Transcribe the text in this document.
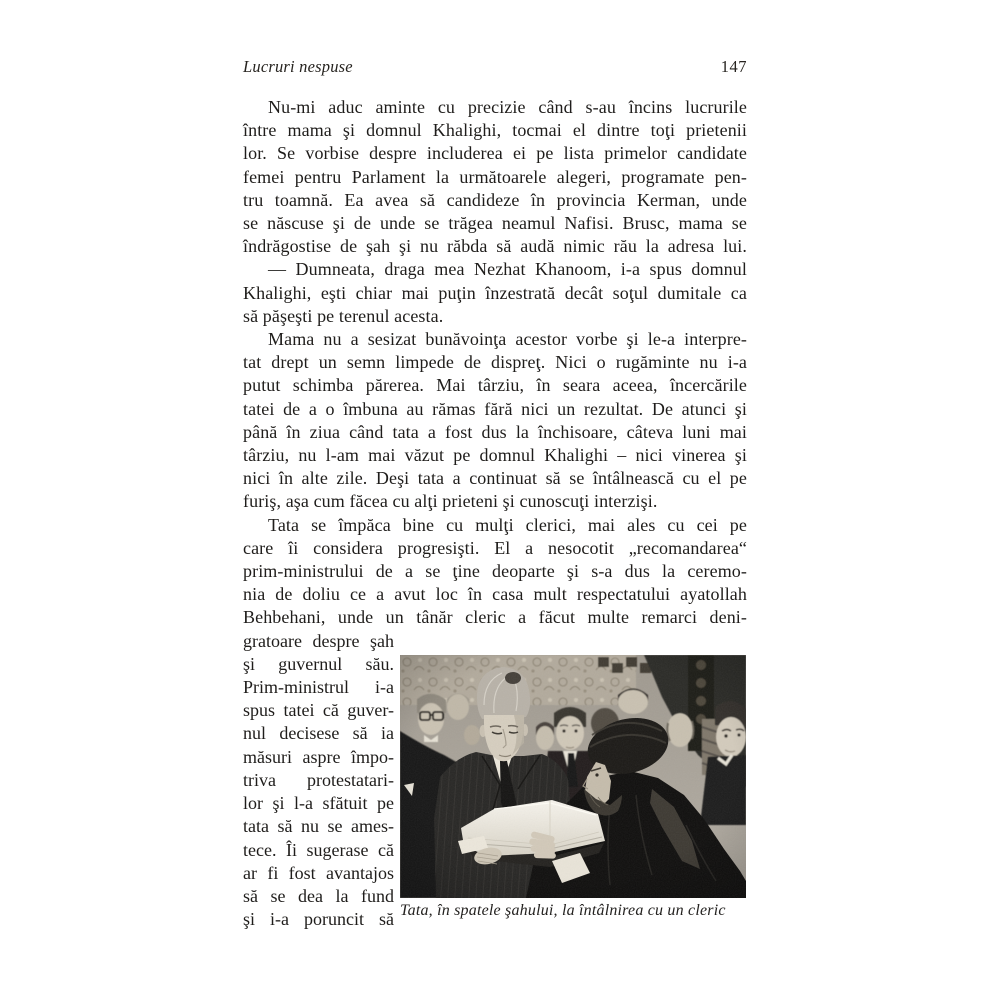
Lucruri nespuse	147
Nu-mi aduc aminte cu precizie când s-au încins lucrurile
între mama şi domnul Khalighi, tocmai el dintre toţi prietenii
lor. Se vorbise despre includerea ei pe lista primelor candidate
femei pentru Parlament la următoarele alegeri, programate pen-
tru toamnă. Ea avea să candideze în provincia Kerman, unde
se născuse şi de unde se trăgea neamul Nafisi. Brusc, mama se
îndrăgostise de şah şi nu răbda să audă nimic rău la adresa lui.
— Dumneata, draga mea Nezhat Khanoom, i-a spus domnul
Khalighi, eşti chiar mai puţin înzestrată decât soţul dumitale ca
să păşeşti pe terenul acesta.
Mama nu a sesizat bunăvoinţa acestor vorbe şi le-a interpre-
tat drept un semn limpede de dispreţ. Nici o rugăminte nu i-a
putut schimba părerea. Mai târziu, în seara aceea, încercările
tatei de a o îmbuna au rămas fără nici un rezultat. De atunci şi
până în ziua când tata a fost dus la închisoare, câteva luni mai
târziu, nu l-am mai văzut pe domnul Khalighi – nici vinerea şi
nici în alte zile. Deşi tata a continuat să se întâlnească cu el pe
furiş, aşa cum făcea cu alţi prieteni şi cunoscuţi interzişi.
Tata se împăca bine cu mulţi clerici, mai ales cu cei pe
care îi considera progresişti. El a nesocotit „recomandarea“
prim-ministrului de a se ţine deoparte şi s-a dus la ceremo-
nia de doliu ce a avut loc în casa mult respectatului ayatollah
Behbehani, unde un tânăr cleric a făcut multe remarci deni-
gratoare despre şah
şi guvernul său.
Prim-ministrul i-a
spus tatei că guver-
nul decisese să ia
măsuri aspre împo-
triva protestatari-
lor şi l-a sfătuit pe
tata să nu se ames-
tece. Îi sugerase că
ar fi fost avantajos
să se dea la fund
şi i-a poruncit să Tata, în spatele şahului, la întâlnirea cu un cleric
